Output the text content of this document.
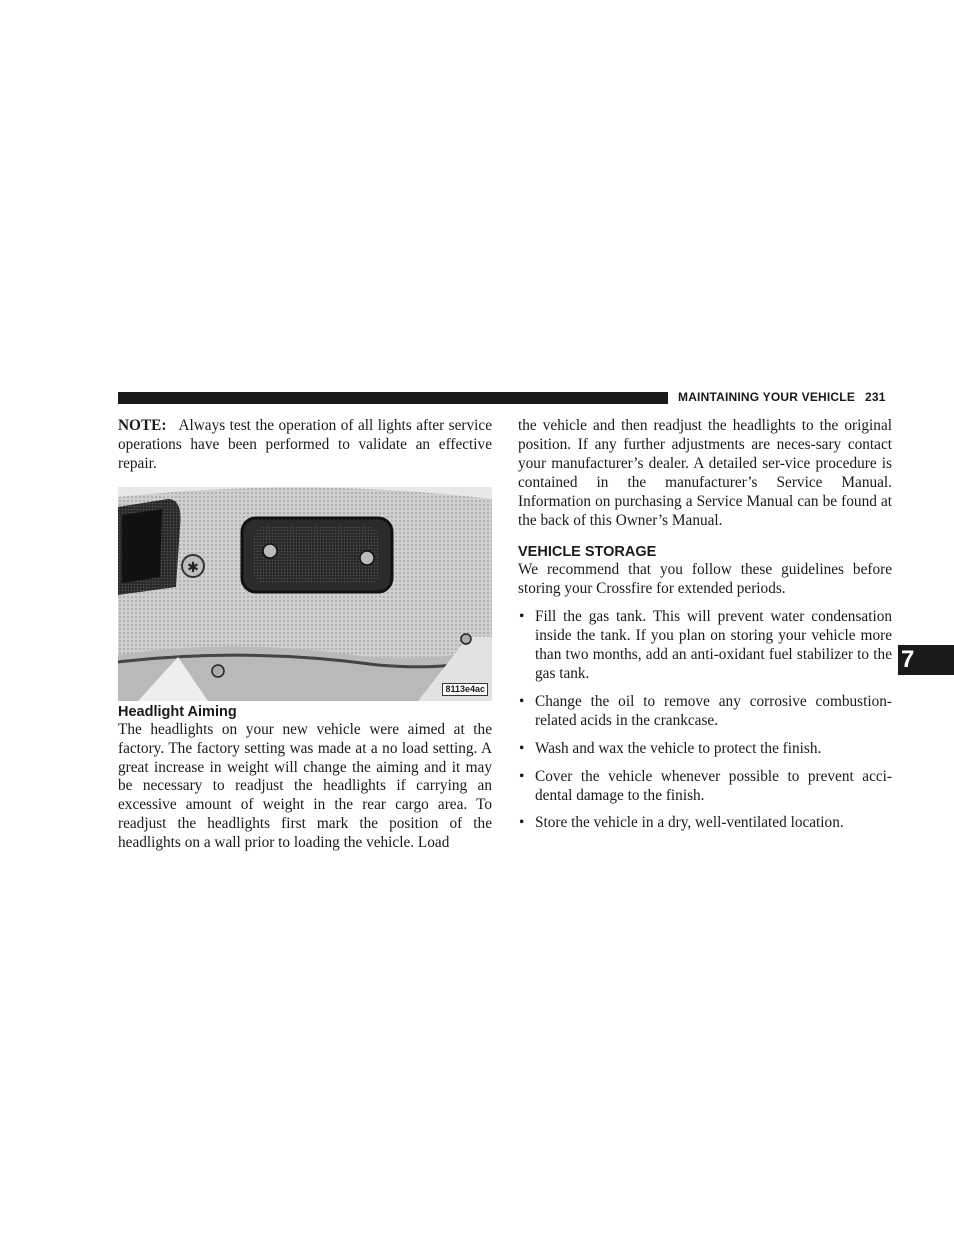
MAINTAINING YOUR VEHICLE 231

NOTE: Always test the operation of all lights after service operations have been performed to validate an effective repair.

✱
8113e4ac
Headlight Aiming

The headlights on your new vehicle were aimed at the factory. The factory setting was made at a no load setting. A great increase in weight will change the aiming and it may be necessary to readjust the headlights if carrying an excessive amount of weight in the rear cargo area. To readjust the headlights first mark the position of the headlights on a wall prior to loading the vehicle. Load

the vehicle and then readjust the headlights to the original position. If any further adjustments are neces-sary contact your manufacturer’s dealer. A detailed ser-vice procedure is contained in the manufacturer’s Service Manual. Information on purchasing a Service Manual can be found at the back of this Owner’s Manual.

VEHICLE STORAGE

We recommend that you follow these guidelines before storing your Crossfire for extended periods.

• Fill the gas tank. This will prevent water condensation inside the tank. If you plan on storing your vehicle more than two months, add an anti-oxidant fuel stabilizer to the gas tank.
• Change the oil to remove any corrosive combustion-related acids in the crankcase.
• Wash and wax the vehicle to protect the finish.
• Cover the vehicle whenever possible to prevent acci-dental damage to the finish.
• Store the vehicle in a dry, well-ventilated location.
7
